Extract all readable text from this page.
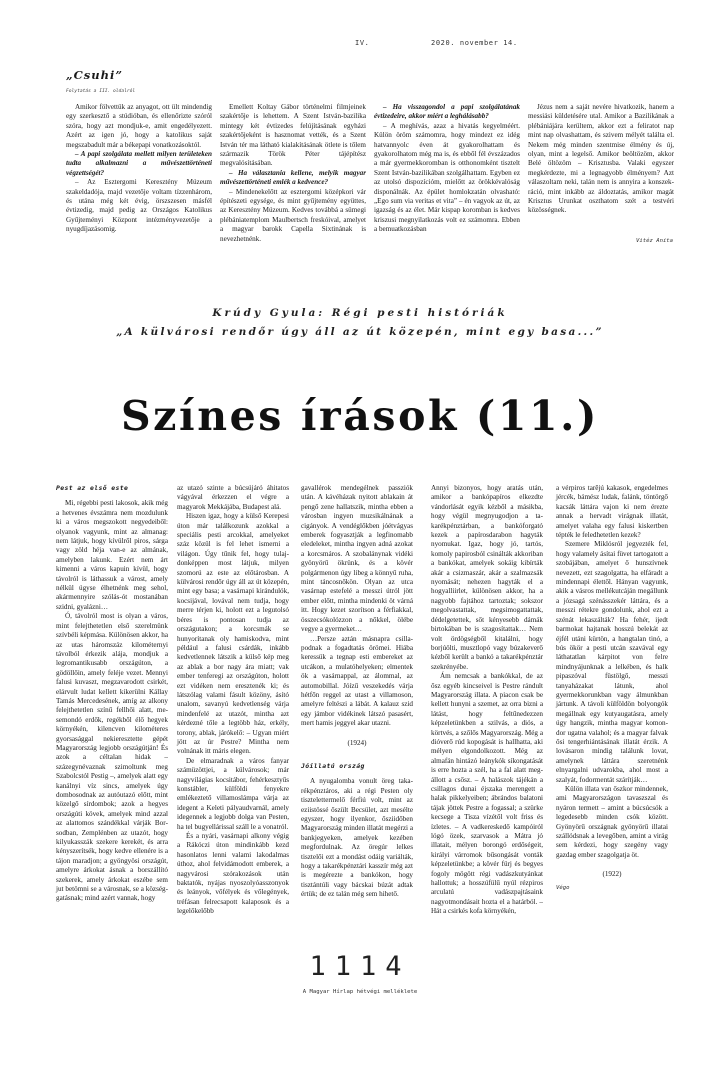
IV.	2020. november 14.
„Csuhi”
Folytatás a III. oldalról

Amikor fölvettük az anyagot, ott ült mindendig egy szerkesztő a stúdióban, és ellenőrizte szóról szóra, hogy azt mondjuk-e, amit engedélyezett. Azért az igen jó, hogy a katolikus saját megszabadult már a békepapi vonatkozásoktól.

– A papi szolgálata mellett milyen területeken tudta alkalmazni a művészettörténeti végzettségét?

– Az Esztergomi Keresztény Múzeum szakeldadója, majd vezetője voltam tízzenhárom, és utána még két évig, örszszesen másfél évtizedig, majd pedig az Országos Katolikus Gyűjteményi Központ intézményvezetője a nyugdíjazásomig.

Emellett Koltay Gábor történelmi filmjeinek szakértője is lehettem. A Szent István-bazilika mintegy két évtizedes felújításának egyházi szakértőjeként is hasznomat vették, és a Szent István tér ma látható kialakításának ötlete is tőlem származik Török Péter tájépítész megvalósításában.

– Ha választania kellene, melyik magyar művészettörténeti emlék a kedvence?

– Mindenekelőtt az esztergomi középkori vár építészeti egysége, és mint gyűjtemény együttes, az Keresztény Múzeum. Kedves továbbá a sümegi plébániatemplom Maulbertsch freskóival, amelyet a magyar barokk Capella Sixtinának is nevezhetnénk.

– Ha visszagondol a papi szolgálatának évtizedeire, akkor miért a leghálásabb?

– A meghívás, azaz a hivatás kegyelméért. Külön öröm számomra, hogy mindezt ez idég hatvannyolc éven át gyakorolhattam és gyakorolhatom még ma is, és ebből fél évszázados a már gyermekkoromban is otthonomként tisztelt Szent István-bazilikában szolgálhattam. Egyben ez az utolsó dispozícióm, mielőtt az örökkévalóság disponálnák. Az épület homlokzatán olvasható: „Ego sum via veritas et vita” – én vagyok az út, az igazság és az élet. Már kispap koromban is kedves kriszusi megnyilatkozás volt ez számomra. Ebben a bemuatkozásban

Jézus nem a saját nevére hivatkozik, hanem a messiási küldetésére utal. Amikor a Bazilikának a plébániájára kerültem, akkor ezt a feliratot nap mint nap olvashattam, és szivem mélyét találta el. Nekem még minden szentmise élmény és új, olyan, mint a legelső. Amikor beöltözöm, akkor Belé öltözöm – Krisztusba. Valaki egyszer megkérdezte, mi a legnagyobb élményem? Azt válaszoltam neki, talán nem is annyira a konszekráció, mint inkább az áldoztatás, amikor magát Krisztus Urunkat oszthatom szét a testvéri közösségnek.

Vitéz Anita
Krúdy Gyula: Régi pesti históriák
„A külvárosi rendőr úgy áll az út közepén, mint egy basa...”
Színes írások (11.)

Pest az első este

Mi, régebbi pesti lakosok, akik még a hetvenes évszámra nem mozdulunk ki a város megszokott negyedeiből: olyanok vagyunk, mint az almanag: nem látjuk, hogy kívülről piros, sárga vagy zöld héja van-e az almának, amelyben lakunk. Ezért nem árt kimenni a város kapuin kívül, hogy távolról is láthassuk a várost, amely nélkül úgyse élhetnénk meg sehol, akármennyire szólás-ót mostanában szidni, gyalázni…

Ó, távolról most is olyan a város, mint felejthetetlen első szerelmünk szívbéli képmása. Különösen akkor, ha az utas háromszáz kilométernyi távolból érkezik alája, mondjuk a legromantikusabb országúton, a gödöllőin, amely feléje vezet. Mennyi falusi kuvaszt, megzavarodott csirkét, elárvult ludat kellett kikerülni Kállay Tamás Mercedesének, amíg az alkony felejthetetlen színű fellhői alatt, mesemondó erdők, regékből élő hegyek környékén, kilencven kilométeres gyorsasággal nekieresztette gépét Magyarország legjobb országútján! És azok a céltalan hidak – százegynévaznak szimoltunk meg Szabolcstól Pestig –, amelyek alatt egy kanálnyi víz sincs, amelyek úgy dombosodnak az autóutazó előtt, mint közelgő sírdombok; azok a hegyes országúti kövek, amelyek mind azzal az alattomos szándékkal várják Borsodban, Zemplénben az utazót, hogy kilyukasszák szekere kerekét, és arra kényszerítsék, hogy kedve ellenére is a tájon maradjon; a gyöngyösi országút, amelyre árkokat ásnak a borszállító szekerek, amely árkokat eszébe sem jut betömni se a városnak, se a községgatásnak; mind azért vannak, hogy

az utazó szinte a búcsújáró áhitatos vágyával érkezzen el végre a magyarok Mekkájába, Budapest alá.

Hiszen igaz, hogy a külső Kerepesi úton már találkozunk azokkal a speciális pesti arcokkal, amelyeket száz közül is fel lehet ismerni a világon. Úgy tűnik fel, hogy tulajdonképpen most látjuk, milyen szomorú az este az előtárosban. A külvárosi rendőr úgy áll az út közepén, mint egy basa; a vasárnapi kirándulók, kocsijával, lovával nem tudja, hogy merre térjen ki, holott ezt a legutolsó béres is pontosan tudja az országutakon; a korcsmák se hunyorítanak oly hamiskodva, mint például a falusi csárdák, inkább kedvetlennek látszik a külső kép meg az ablak a bor nagy ára miatt; vak ember tenferegi az országúton, holott ezt vidéken nem eresztenék ki; és látszólag valami fásult közöny, ásító unalom, savanyú kedvetlenség várja mindenfelé az utazót, mintha azt kérdezné tőle a legtöbb ház, erkély, torony, ablak, járókelő: – Ugyan miért jött az úr Pestre? Mintha nem volnának itt máris elegen.

De elmaradnak a város fanyar számüzöttjei, a külvárosok; már nagyvilágias kocsitábor, fehérkesztyűs konstábler, külföldi fenyekre emlékeztető villamoslámpa várja az idegent a Keleti pályaudvarnál, amely idegennek a legjobb dolga van Pesten, ha tel bugyellárissal száll le a vonatról.

És a nyári, vasárnapi alkony végig a Rákóczi úton mindinkább kezd hasonlatos lenni valami lakodalmas úthoz, ahol felvidámodott emberek, a nagyvárosi szórakozások után baktatók, nyájas nyoszolyóasszonyok és leányok, vőfélyek és vőlegények, tréfásan felrecsapott kalaposok és a legelőkelőbb

gavallérok mendegélnek passziók után. A kávéházak nyitott ablakain át pengő zene hallatszik, mintha ebben a városban ingyen muzsikálnának a cigányok. A vendéglőkben jóétvágyas emberek fogyasztják a legfinomabb eledeleket, mintha ingyen adná azokat a korcsmáros. A szobalánynak vidéki gyönyörű ökrünk, és a kövér polgármenon úgy libeg a könnyű ruha, mint táncosnőkön. Olyan az utca vasárnap estefelé a messzi útról jött ember előtt, mintha mindenki öt várná itt. Hogy kezet szorítson a férfiakkal, összecsókolózzon a nőkkel, ölébe vegye a gyermeket…

…Persze aztán másnapra csillapodnak a fogadtatás örömei. Hiába keressük a tegnap esti embereket az utcákon, a mulatóhelyeken; elmentek ök a vasárnappal, az álommal, az automobillal. Jóízű veszekedés várja hétfőn reggel az utast a villamoson, amelyre feltészi a lábát. A kalauz szid egy jámbor vidékinek látszó pasasért, mert hamis jeggyel akar utazni.

(1924)

Jóillatú ország

A nyugalomba vonult öreg takarékpénztáros, aki a régi Pesten oly tisztelettermelő férfiú volt, mint az eziistössé őszült Becsület, azt mesélte egyszer, hogy ilyenkor, ősziidőben Magyarország minden illatát megérzi a bankjegyeken, amelyek kezében megfordulnak. Az öregúr lelkes tisztelői ezt a mondást odáig variálták, hogy a takarékpénztári kasszír még azt is megérezte a bankókon, hogy tisztántúli vagy bácskai búzát adtak értük; de ez talán még sem hihető.

Annyi bizonyos, hogy aratás után, amikor a bankópapíros elkezdte vándorlását egyik kézből a másikba, hogy végül megnyugodjon a takarékpénztárban, a bankóforgató kezek a papírosdarabon hagyták nyomukat. Igaz, hogy jó, tartós, komoly papirosból csinálták akkoriban a bankókat, amelyek sokáig kibírták akár a csizmaszár, akár a szalmazsák nyomását; nehezen hagyták el a hogyalliirlet, különösen akkor, ha a nagyobb fajtához tartoztak; sokszor megolvastattak, megsimogattattak, dédelgetettek, sőt kényesebb dámák birtokában be is szagosítattak… Nem volt ördögségből kitalálni, hogy borjúölti, musztlopó vagy búzakeverő kézből került a bankó a takarékpénztár szekrényébe.

Ám nemcsak a bankókkal, de az ősz egyéb kincseivel is Pestre rándult Magyarország illata. A piacon csak be kellett hunyni a szemet, az orra bizni a látást, hogy feltűnedezzen képzeletünkben a szilvás, a diós, a körtvés, a szőlős Magyarország. Még a dióverő rúd kopogását is hallhatta, aki mélyen elgondolkozott. Még az almafán hintázó leánykók síkongatását is erre hozta a szél, ha a fal alatt megállott a csősz. – A halászok tájékán a csillagos dunai éjszaka merengett a halak pikkelyeiben; ábrándos balatoni tájak jöttek Pestre a fogassal; a szürke kecsege a Tisza vízétől volt friss és ízletes. – A vadkereskedő kampóiról lógó özek, szarvasok a Mátra jó illatait, mélyen borongó erdőségeit, királyi várromok bűsongását vonták képzeletünkbe; a kövér fürj és begyes fogoly mögött régi vadászkutyánkat hallottuk; a hosszúfülű nyúl rézpiros arculatú vadászpajtásaink nagyotmondásait hozta el a határból. – Hát a csirkés kofa környékén,

a vérpiros tarējú kakasok, engedelmes jércék, bámész ludak, falánk, töntörgő kacsák láttára vajon ki nem érezte annak a hervadt virágnak illatát, amelyet valaha egy falusi kiskertben tépték le feledhetetlen kezek?

Szemere Miklósról jegyezték fel, hogy valamely ásítai füvet tartogatott a szobájában, amelyet ő hunszívnek nevezett, ezt szagolgatta, ha elfáradt a mindennapi élettől. Hányan vagyunk, akik a vásros mellékutcáján megállunk a józsagá szénásszekér láttára, és a messzi rétekre gondolunk, ahol ezt a szénát lekaszálták? Ha fehér, ijedt barmokat hajtanak hosszú belekát az éjfél utáni kürtön, a hangtalan tinó, a bús ökör a pesti utcán szavával egy láthatatlan kárpitot von felre mindnyájunknak a lelkében, és halk pipaszóval füstölgő, messzi tanyaházakat látunk, ahol gyermekkorunkban vagy álmunkban jártunk. A távoli külföldön bolyongók megállnak egy kutyaugatásra, amely úgy hangzik, mintha magyar komondor ugatna valahol; és a magyar falvak ősi tengerhiántásának illatát érzik. A lovásaron mindig találunk lovat, amelynek láttára szeretnénk elnyargalni udvarokba, ahol most a szalyát, fodormentát szárítják…

Külön illata van őszkor mindennek, ami Magyarországon tavaszszal és nyáron termett – amint a búcsúcsók a legedesebb minden csók között. Gyönyörű országnak gyönyörű illatai szállódsnak a levegőben, amint a virág sem kérdezi, hogy szegény vagy gazdag ember szagolgatja öt.

(1922)

Végo

1114
A Magyar Hírlap hétvégi melléklete
